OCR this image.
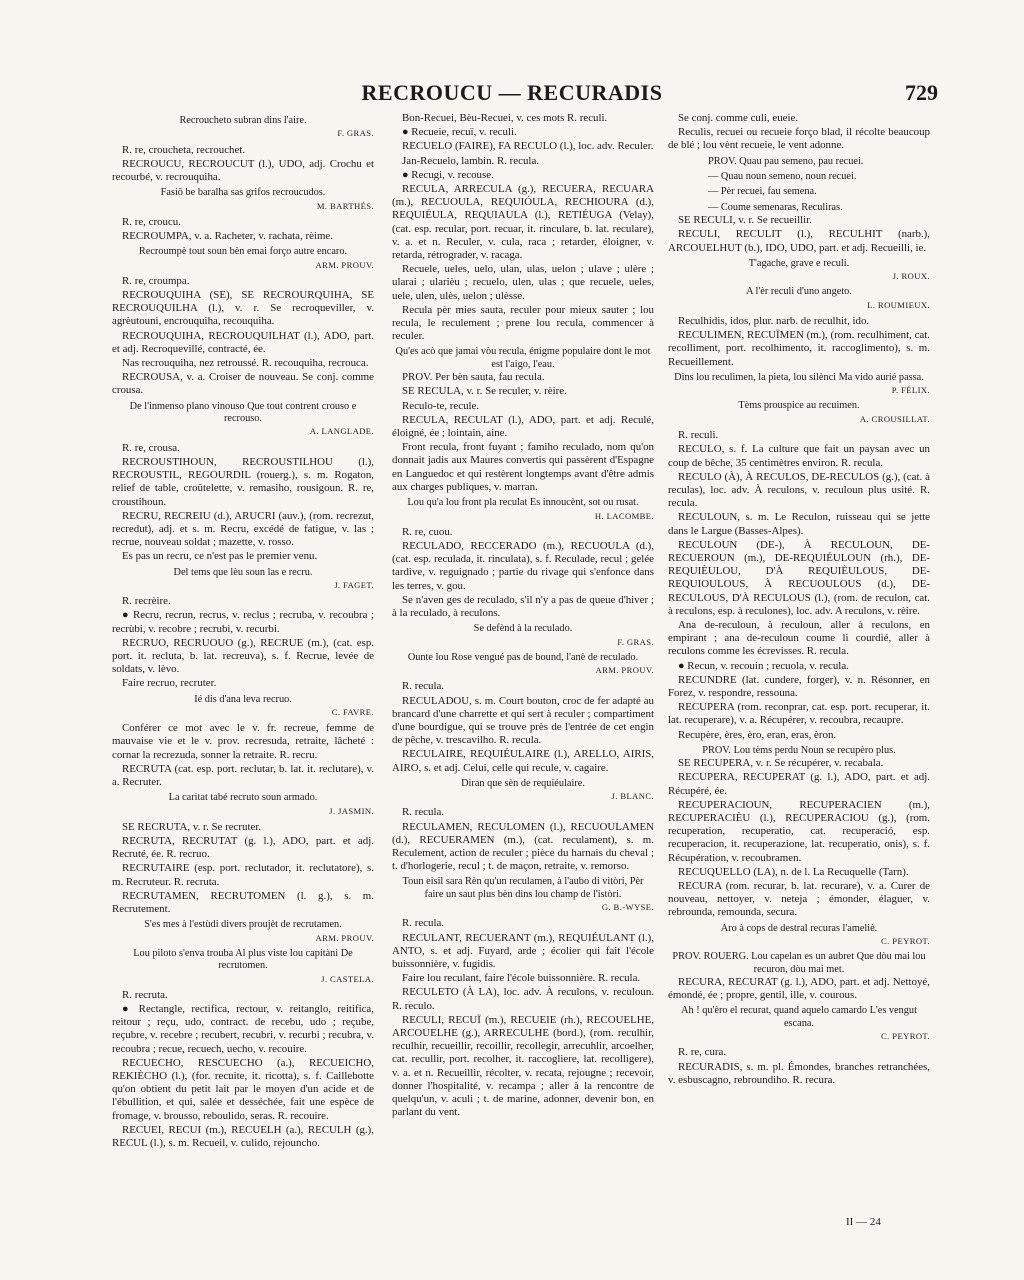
RECROUCU — RECURADIS	729

Recroucheto subran dins l'aire.

F. GRAS.

R. re, croucheta, recrouchet.

RECROUCU, RECROUCUT (l.), UDO, adj. Crochu et recourbé, v. recrouquiha.

Fasiô be baralha sas grifos recroucudos.

M. BARTHÉS.

R. re, croucu.

RECROUMPA, v. a. Racheter, v. rachata, rèime.

Recroumpè tout soun bèn emai forço autre encaro.

ARM. PROUV.

R. re, croumpa.

RECROUQUIHA (SE), SE RECROURQUIHA, SE RECROUQUILHA (l.), v. r. Se recroqueviller, v. agrèutouni, encrouquiha, recouquiha.

RECROUQUIHA, RECROUQUILHAT (l.), ADO, part. et adj. Recroquevillé, contracté, ée.

Nas recrouquiha, nez retroussé. R. recouquiha, recroucа.

RECROUSA, v. a. Croiser de nouveau. Se conj. comme crousa.

De l'inmenso plano vinouso Que tout contrent crouso e recrouso.

A. LANGLADE.

R. re, crousa.

RECROUSTIHOUN, RECROUSTILHOU (l.), RECROUSTIL, REGOURDIL (rouerg.), s. m. Rogaton, relief de table, croûtelette, v. remasiho, rousigoun. R. re, croustihoun.

RECRU, RECREIU (d.), ARUCRI (auv.), (rom. recrezut, recredut), adj. et s. m. Recru, excédé de fatigue, v. las ; recrue, nouveau soldat ; mazette, v. rosso.

Es pas un recru, ce n'est pas le premier venu.

Del tems que lèu soun las e recru.

J. FAGET.

R. recrèire.

● Recru, recrun, recrus, v. reclus ; recruba, v. recoubra ; recrùbi, v. recobre ; recrubi, v. recurbi.

RECRUO, RECRUOUO (g.), RECRUE (m.), (cat. esp. port. it. recluta, b. lat. recreuva), s. f. Recrue, levée de soldats, v. lèvo.

Faire recruo, recruter.

Ié dis d'ana leva recruo.

C. FAVRE.

Conférer ce mot avec le v. fr. recreue, femme de mauvaise vie et le v. prov. recresuda, retraite, lâcheté : cornar la recrezuda, sonner la retraite. R. recru.

RECRUTA (cat. esp. port. reclutar, b. lat. it. reclutare), v. a. Recruter.

La caritat tabé recruto soun armado.

J. JASMIN.

SE RECRUTA, v. r. Se recruter.

RECRUTA, RECRUTAT (g. l.), ADO, part. et adj. Recruté, ée. R. recruo.

RECRUTAIRE (esp. port. reclutador, it. reclutatore), s. m. Recruteur. R. recruta.

RECRUTAMEN, RECRUTOMEN (l. g.), s. m. Recrutement.

S'es mes à l'estùdi divers proujèt de recrutamen.

ARM. PROUV.

Lou piloto s'enva trouba Al plus viste lou capitàni De recrutomen.

J. CASTELA.

R. recruta.

● Rectangle, rectifica, rectour, v. reitanglo, reitifica, reitour ; reçu, udo, contract. de recebu, udo ; reçube, reçubre, v. recebre ; recubert, recubri, v. recurbi ; recubra, v. recoubra ; recue, recuech, uecho, v. recouire.

RECUECHO, RESCUECHO (a.), RECUEICHO, REKIÈCHO (l.), (for. recuite, it. ricotta), s. f. Caillebotte qu'on obtient du petit lait par le moyen d'un acide et de l'ébullition, et qui, salée et desséchée, fait une espèce de fromage, v. brousso, reboulido, seras. R. recouire.

RECUEI, RECUI (m.), RECUELH (a.), RECULH (g.), RECUL (l.), s. m. Recueil, v. culido, rejouncho.

Bon-Recuei, Bèu-Recuei, v. ces mots R. reculi.

● Recueie, recuï, v. reculi.

RECUELO (FAIRE), FA RECULO (l.), loc. adv. Reculer.

Jan-Recuelo, lambin. R. recula.

● Recugi, v. recouse.

RECULA, ARRECULA (g.), RECUERA, RECUARA (m.), RECUOULA, REQUIÓULA, RECHIOURA (d.), REQUIÉULA, REQUIAULA (l.), RETIÉUGA (Velay), (cat. esp. recular, port. recuar, it. rinculare, b. lat. reculare), v. a. et n. Reculer, v. cula, raca ; retarder, éloigner, v. retarda, rétrograder, v. racaga.

Recuele, ueles, uelo, ulan, ulas, uelon ; ulave ; ulère ; ularai ; ularièu ; recuelo, ulen, ulas ; que recuele, ueles, uele, ulen, ulès, uelon ; ulèsse.

Recula pèr mies sauta, reculer pour mieux sauter ; lou recula, le reculement ; prene lou recula, commencer à reculer.

Qu'es acò que jamai vòu recula, énigme populaire dont le mot est l'aigo, l'eau.

PROV. Per bèn sauta, fau recula.

SE RECULA, v. r. Se reculer, v. rèire.

Reculo-te, recule.

RECULA, RECULAT (l.), ADO, part. et adj. Reculé, éloigné, ée ; lointain, aine.

Front recula, front fuyant ; famiho reculado, nom qu'on donnait jadis aux Maures convertis qui passèrent d'Espagne en Languedoc et qui restèrent longtemps avant d'être admis aux charges publiques, v. marran.

Lou qu'a lou front pla reculat Es innoucènt, sot ou rusat.

H. LACOMBE.

R. re, cuou.

RECULADO, RECCERADO (m.), RECUOULA (d.), (cat. esp. reculada, it. rinculata), s. f. Reculade, recul ; gelée tardive, v. reguignado ; partie du rivage qui s'enfonce dans les terres, v. gou.

Se n'aven ges de reculado, s'il n'y a pas de queue d'hiver ; à la reculado, à reculons.

Se defènd à la reculado.

F. GRAS.

Ounte lou Rose vengué pas de bound, l'anè de reculado.

ARM. PROUV.

R. recula.

RECULADOU, s. m. Court bouton, croc de fer adapté au brancard d'une charrette et qui sert à reculer ; compartiment d'une bourdigue, qui se trouve près de l'entrée de cet engin de pêche, v. trescavilho. R. recula.

RECULAIRE, REQUIÉULAIRE (l.), ARELLO, AIRIS, AIRO, s. et adj. Celui, celle qui recule, v. cagaire.

Diran que sèn de requiéulaire.

J. BLANC.

R. recula.

RECULAMEN, RECULOMEN (l.), RECUOULAMEN (d.), RECUERAMEN (m.), (cat. reculament), s. m. Reculement, action de reculer ; pièce du harnais du cheval ; t. d'horlogerie, recul ; t. de maçon, retraite, v. remorso.

Toun eisil sara Rèn qu'un reculamen, à l'aubo di vitòri, Pèr faire un saut plus bèn dins lou champ de l'istòri.

G. B.-WYSE.

R. recula.

RECULANT, RECUERANT (m.), REQUIÉULANT (l.), ANTO, s. et adj. Fuyard, arde ; écolier qui fait l'école buissonnière, v. fugidis.

Faire lou reculant, faire l'école buissonnière. R. recula.

RECULETO (À LA), loc. adv. À reculons, v. reculoun. R. reculo.

RECULI, RECUÏ (m.), RECUEIE (rh.), RECOUELHE, ARCOUELHE (g.), ARRECULHE (bord.), (rom. reculhir, reculhir, recueillir, recoillir, recollegir, arrecuhlir, arcoelher, cat. recullir, port. recolher, it. raccogliere, lat. recolligere), v. a. et n. Recueillir, récolter, v. recata, rejougne ; recevoir, donner l'hospitalité, v. recampa ; aller à la rencontre de quelqu'un, v. aculi ; t. de marine, adonner, devenir bon, en parlant du vent.

Se conj. comme culi, eueie.

Reculis, recuei ou recueie forço blad, il récolte beaucoup de blé ; lou vènt recueie, le vent adonne.

PROV. Quau pau semeno, pau recuei.

— Quau noun semeno, noun recuei.

— Pèr recuei, fau semena.

— Coume semenaras, Reculiras.

SE RECULI, v. r. Se recueillir.

RECULI, RECULIT (l.), RECULHIT (narb.), ARCOUELHUT (b.), IDO, UDO, part. et adj. Recueilli, ie.

T'agache, grave e reculi.

J. ROUX.

A l'èr reculi d'uno angeto.

L. ROUMIEUX.

Reculhidis, idos, plur. narb. de reculhit, ido.

RECULIMEN, RECUÏMEN (m.), (rom. reculhiment, cat. recolliment, port. recolhimento, it. raccoglimento), s. m. Recueillement.

Dins lou reculimen, la pieta, lou silènci Ma vido aurié passa.

P. FÉLIX.

Tèms prouspice au recuimen.

A. CROUSILLAT.

R. reculi.

RECULO, s. f. La culture que fait un paysan avec un coup de bêche, 35 centimètres environ. R. recula.

RECULO (À), À RECULOS, DE-RECULOS (g.), (cat. à reculas), loc. adv. À reculons, v. reculoun plus usité. R. recula.

RECULOUN, s. m. Le Reculon, ruisseau qui se jette dans le Largue (Basses-Alpes).

RECULOUN (DE-), À RECULOUN, DE-RECUEROUN (m.), DE-REQUIÉULOUN (rh.), DE-REQUIÈULOU, D'À REQUIÈULOUS, DE-REQUIOULOUS, À RECUOULOUS (d.), DE-RECULOUS, D'À RECULOUS (l.), (rom. de reculon, cat. à reculons, esp. à reculones), loc. adv. A reculons, v. rèire.

Ana de-reculoun, à reculoun, aller à reculons, en empirant ; ana de-reculoun coume li courdié, aller à reculons comme les écrevisses. R. recula.

● Recun, v. recouin ; recuola, v. recula.

RECUNDRE (lat. cundere, forger), v. n. Résonner, en Forez, v. respondre, ressouna.

RECUPERA (rom. reconprar, cat. esp. port. recuperar, it. lat. recuperare), v. a. Récupérer, v. recoubra, recaupre.

Recupère, ères, èro, eran, eras, èron.

PROV. Lou tèms perdu Noun se recupèro plus.

SE RECUPERA, v. r. Se récupérer, v. recabala.

RECUPERA, RECUPERAT (g. l.), ADO, part. et adj. Récupéré, ée.

RECUPERACIOUN, RECUPERACIEN (m.), RECUPERACIÈU (l.), RECUPERACIOU (g.), (rom. recuperation, recuperatio, cat. recuperació, esp. recuperacion, it. recuperazione, lat. recuperatio, onis), s. f. Récupération, v. recoubramen.

RECUQUELLO (LA), n. de l. La Recuquelle (Tarn).

RECURA (rom. recurar, b. lat. recurare), v. a. Curer de nouveau, nettoyer, v. neteja ; émonder, élaguer, v. rebrounda, remounda, secura.

Aro à cops de destral recuras l'ameliè.

C. PEYROT.

PROV. ROUERG. Lou capelan es un aubret Que dòu mai lou recuron, dòu mai met.

RECURA, RECURAT (g. l.), ADO, part. et adj. Nettoyé, émondé, ée ; propre, gentil, ille, v. courous.

Ah ! qu'èro el recurat, quand aquelo camardo L'es vengut escana.

C. PEYROT.

R. re, cura.

RECURADIS, s. m. pl. Émondes, branches retranchées, v. esbuscagno, rebroundiho. R. recura.

II — 24
